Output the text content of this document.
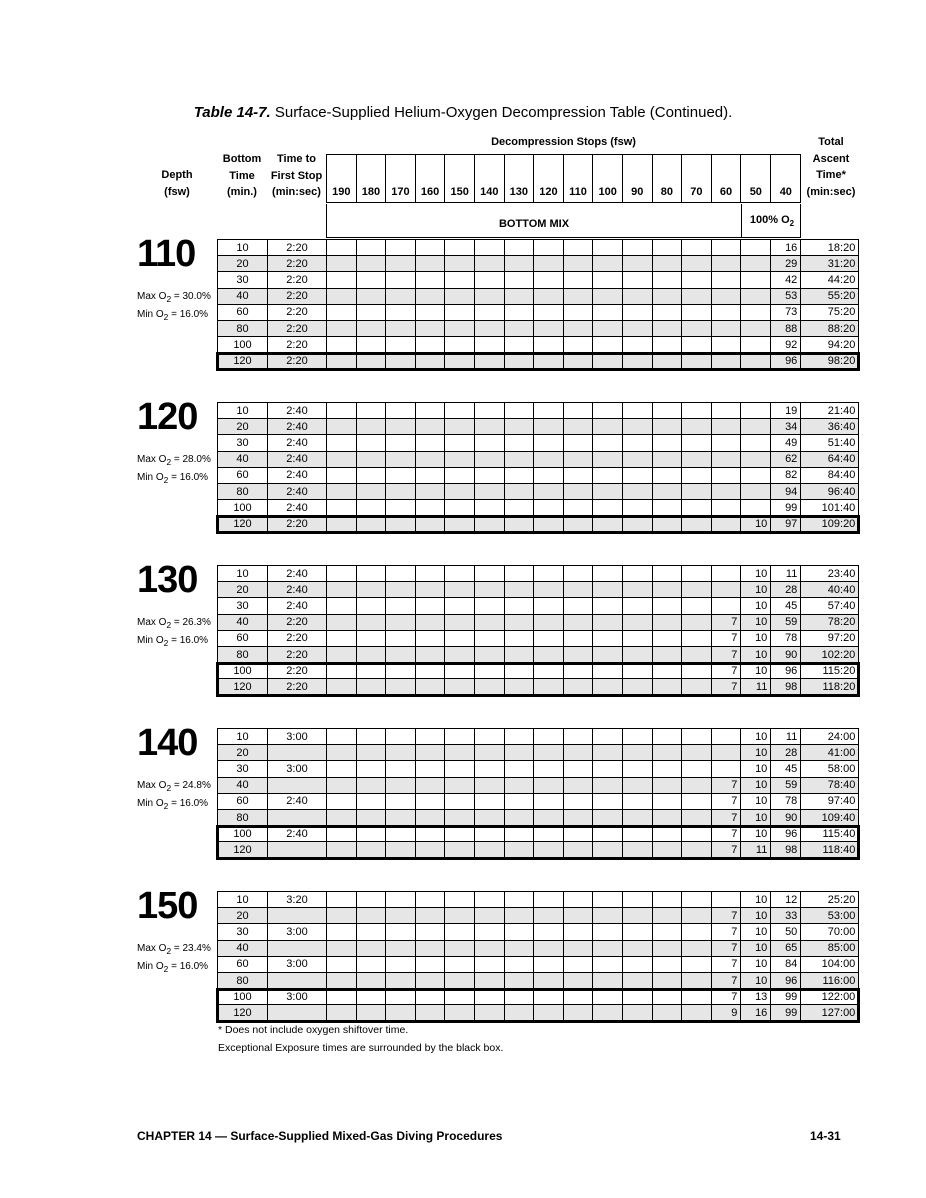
Table 14-7. Surface-Supplied Helium-Oxygen Decompression Table (Continued).
Depth
(fsw)
Bottom
Time
(min.)
Time to
First Stop
(min:sec)
Decompression Stops (fsw)	Total
Ascent
Time*
(min:sec)
190	180	170	160	150	140	130	120	110	100	90	80	70	60	50	40
BOTTOM MIX	100% $O_2$
110
Max $O_2 = 30.0\%$
Min $O_2 = 16.0\%$
10	2:20																16	18:20
20	2:20																29	31:20
30	2:20																42	44:20
40	2:20																53	55:20
60	2:20																73	75:20
80	2:20																88	88:20
100	2:20																92	94:20
120	2:20																96	98:20
120
Max $O_2 = 28.0\%$
Min $O_2 = 16.0\%$
10	2:40																19	21:40
20	2:40																34	36:40
30	2:40																49	51:40
40	2:40																62	64:40
60	2:40																82	84:40
80	2:40																94	96:40
100	2:40																99	101:40
120	2:20															10	97	109:20
130
Max $O_2 = 26.3\%$
Min $O_2 = 16.0\%$
10	2:40															10	11	23:40
20	2:40															10	28	40:40
30	2:40															10	45	57:40
40	2:20														7	10	59	78:20
60	2:20														7	10	78	97:20
80	2:20														7	10	90	102:20
100	2:20														7	10	96	115:20
120	2:20														7	11	98	118:20
140
Max $O_2 = 24.8\%$
Min $O_2 = 16.0\%$
10	3:00															10	11	24:00
20																10	28	41:00
30	3:00															10	45	58:00
40															7	10	59	78:40
60	2:40														7	10	78	97:40
80															7	10	90	109:40
100	2:40														7	10	96	115:40
120															7	11	98	118:40
150
Max $O_2 = 23.4\%$
Min $O_2 = 16.0\%$
10	3:20															10	12	25:20
20															7	10	33	53:00
30	3:00														7	10	50	70:00
40															7	10	65	85:00
60	3:00														7	10	84	104:00
80															7	10	96	116:00
100	3:00														7	13	99	122:00
120															9	16	99	127:00
* Does not include oxygen shiftover time.
Exceptional Exposure times are surrounded by the black box.
CHAPTER 14 — Surface-Supplied Mixed-Gas Diving Procedures	14-31
